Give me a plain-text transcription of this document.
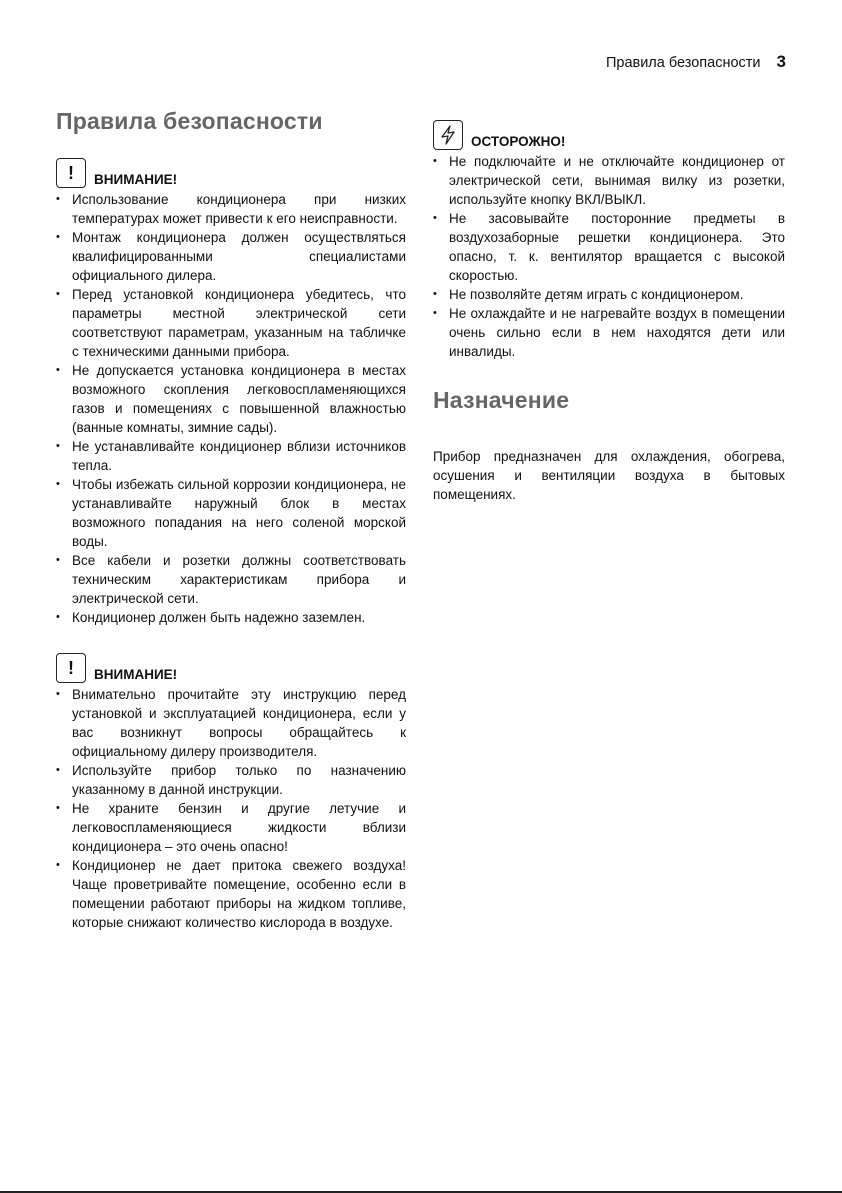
Правила безопасности 3
Правила безопасности
!	ВНИМАНИЕ!
• Использование кондиционера при низких температурах может привести к его неисправности.
• Монтаж кондиционера должен осуществляться квалифицированными специалистами официального дилера.
• Перед установкой кондиционера убедитесь, что параметры местной электрической сети соответствуют параметрам, указанным на табличке с техническими данными прибора.
• Не допускается установка кондиционера в местах возможного скопления легковоспламеняющихся газов и помещениях с повышенной влажностью (ванные комнаты, зимние сады).
• Не устанавливайте кондиционер вблизи источников тепла.
• Чтобы избежать сильной коррозии кондиционера, не устанавливайте наружный блок в местах возможного попадания на него соленой морской воды.
• Все кабели и розетки должны соответствовать техническим характеристикам прибора и электрической сети.
• Кондиционер должен быть надежно заземлен.
!	ВНИМАНИЕ!
• Внимательно прочитайте эту инструкцию перед установкой и эксплуатацией кондиционера, если у вас возникнут вопросы обращайтесь к официальному дилеру производителя.
• Используйте прибор только по назначению указанному в данной инструкции.
• Не храните бензин и другие летучие и легковоспламеняющиеся жидкости вблизи кондиционера – это очень опасно!
• Кондиционер не дает притока свежего воздуха! Чаще проветривайте помещение, особенно если в помещении работают приборы на жидком топливе, которые снижают количество кислорода в воздухе.
ОСТОРОЖНО!
• Не подключайте и не отключайте кондиционер от электрической сети, вынимая вилку из розетки, используйте кнопку ВКЛ/ВЫКЛ.
• Не засовывайте посторонние предметы в воздухозаборные решетки кондиционера. Это опасно, т. к. вентилятор вращается с высокой скоростью.
• Не позволяйте детям играть с кондиционером.
• Не охлаждайте и не нагревайте воздух в помещении очень сильно если в нем находятся дети или инвалиды.
Назначение

Прибор предназначен для охлаждения, обогрева, осушения и вентиляции воздуха в бытовых помещениях.
